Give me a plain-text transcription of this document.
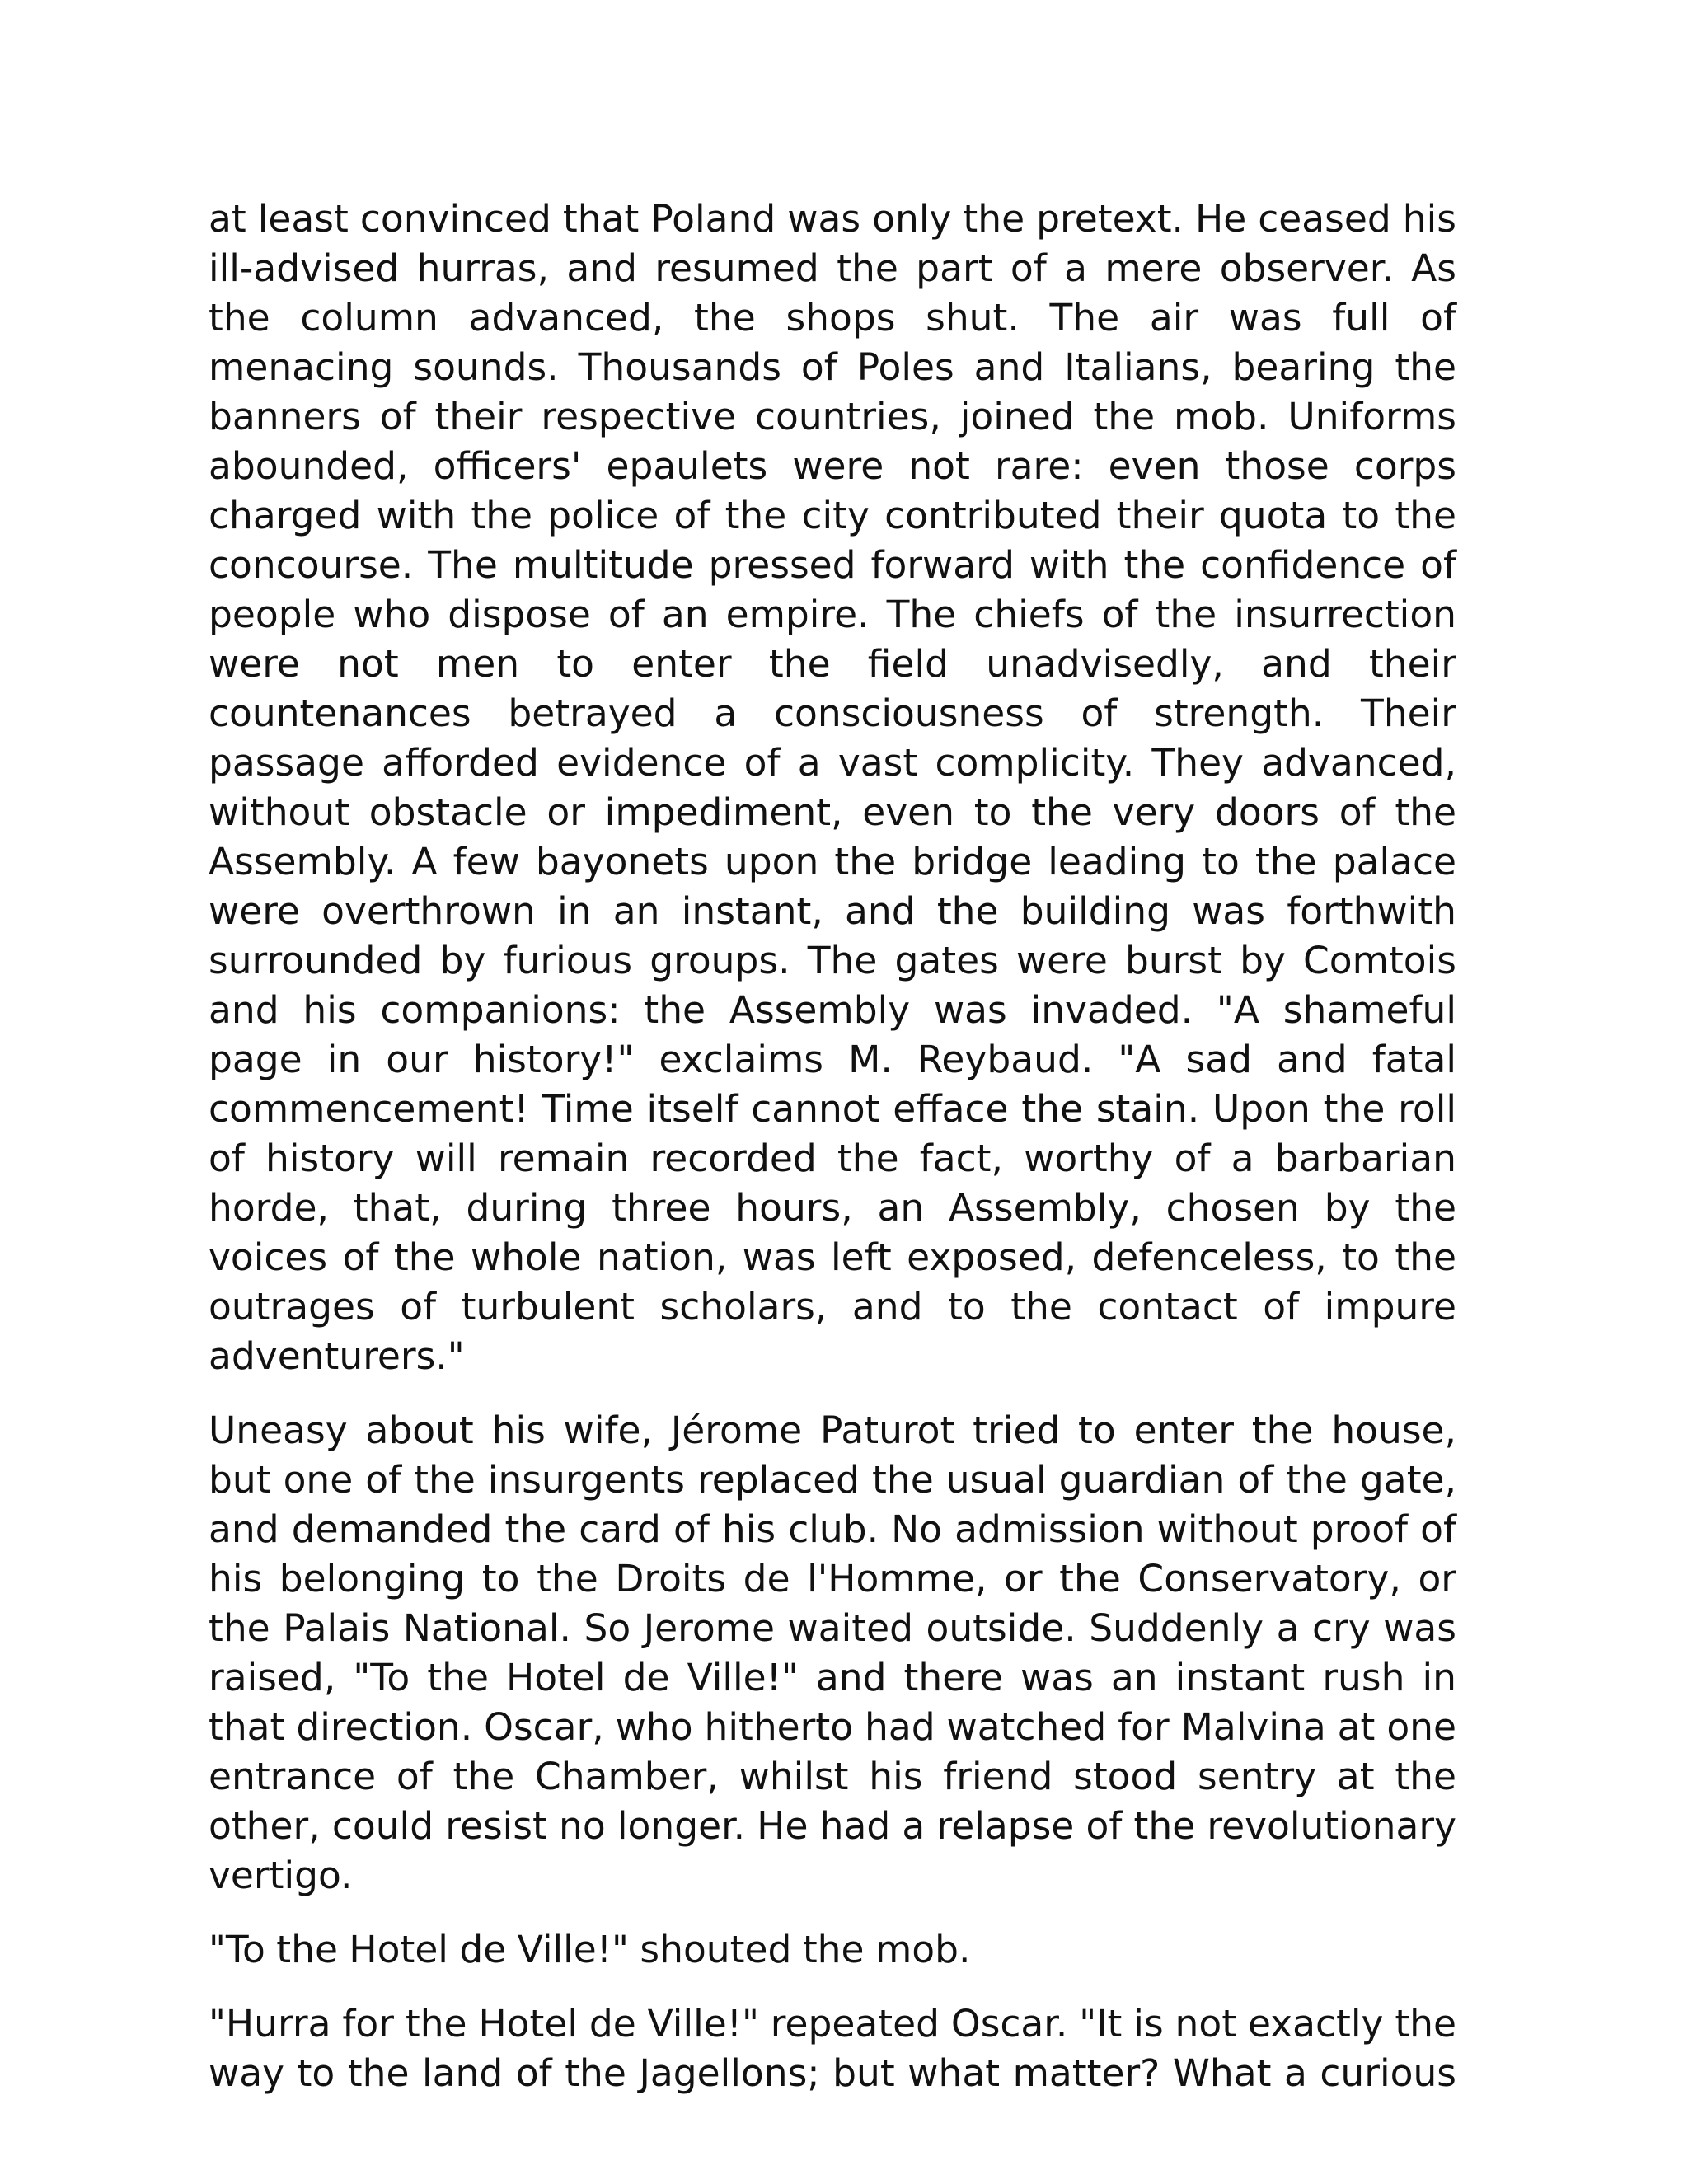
at least convinced that Poland was only the pretext. He ceased his ill-advised hurras, and resumed the part of a mere observer. As the column advanced, the shops shut. The air was full of menacing sounds. Thousands of Poles and Italians, bearing the banners of their respective countries, joined the mob. Uniforms abounded, officers' epaulets were not rare: even those corps charged with the police of the city contributed their quota to the concourse. The multitude pressed forward with the confidence of people who dispose of an empire. The chiefs of the insurrection were not men to enter the field unadvisedly, and their countenances betrayed a consciousness of strength. Their passage afforded evidence of a vast complicity. They advanced, without obstacle or impediment, even to the very doors of the Assembly. A few bayonets upon the bridge leading to the palace were overthrown in an instant, and the building was forthwith surrounded by furious groups. The gates were burst by Comtois and his companions: the Assembly was invaded. "A shameful page in our history!" exclaims M. Reybaud. "A sad and fatal commencement! Time itself cannot efface the stain. Upon the roll of history will remain recorded the fact, worthy of a barbarian horde, that, during three hours, an Assembly, chosen by the voices of the whole nation, was left exposed, defenceless, to the outrages of turbulent scholars, and to the contact of impure adventurers."

Uneasy about his wife, Jérome Paturot tried to enter the house, but one of the insurgents replaced the usual guardian of the gate, and demanded the card of his club. No admission without proof of his belonging to the Droits de l'Homme, or the Conservatory, or the Palais National. So Jerome waited outside. Suddenly a cry was raised, "To the Hotel de Ville!" and there was an instant rush in that direction. Oscar, who hitherto had watched for Malvina at one entrance of the Chamber, whilst his friend stood sentry at the other, could resist no longer. He had a relapse of the revolutionary vertigo.

"To the Hotel de Ville!" shouted the mob.

"Hurra for the Hotel de Ville!" repeated Oscar. "It is not exactly the way to the land of the Jagellons; but what matter? What a curious
